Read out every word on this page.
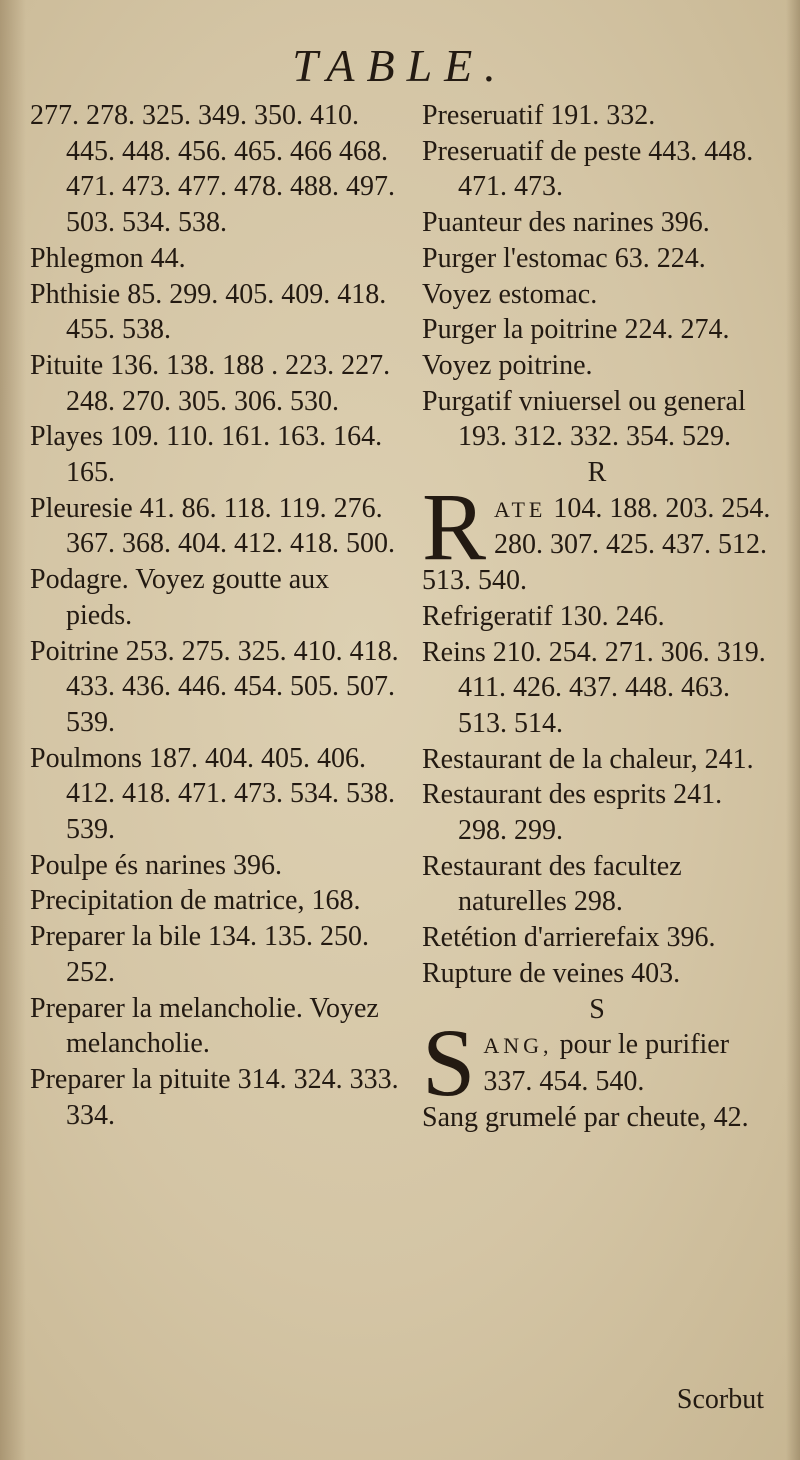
TABLE.
277. 278. 325. 349. 350. 410. 445. 448. 456. 465. 466 468. 471. 473. 477. 478. 488. 497. 503. 534. 538.
Phlegmon 44.
Phthisie 85. 299. 405. 409. 418. 455. 538.
Pituite 136. 138. 188 . 223. 227. 248. 270. 305. 306. 530.
Playes 109. 110. 161. 163. 164. 165.
Pleuresie 41. 86. 118. 119. 276. 367. 368. 404. 412. 418. 500.
Podagre. Voyez goutte aux pieds.
Poitrine 253. 275. 325. 410. 418. 433. 436. 446. 454. 505. 507. 539.
Poulmons 187. 404. 405. 406. 412. 418. 471. 473. 534. 538. 539.
Poulpe és narines 396.
Precipitation de matrice, 168.
Preparer la bile 134. 135. 250. 252.
Preparer la melancholie. Voyez melancholie.
Preparer la pituite 314. 324. 333. 334.
Preseruatif 191. 332.
Preseruatif de peste 443. 448. 471. 473.
Puanteur des narines 396.
Purger l'estomac 63. 224.
Voyez estomac.
Purger la poitrine 224. 274.
Voyez poitrine.
Purgatif vniuersel ou general 193. 312. 332. 354. 529.
R
R ATE 104. 188. 203. 254. 280. 307. 425. 437. 512. 513. 540.
Refrigeratif 130. 246.
Reins 210. 254. 271. 306. 319. 411. 426. 437. 448. 463. 513. 514.
Restaurant de la chaleur, 241.
Restaurant des esprits 241. 298. 299.
Restaurant des facultez naturelles 298.
Retétion d'arrierefaix 396.
Rupture de veines 403.
S
S ANG, pour le purifier 337. 454. 540.
Sang grumelé par cheute, 42.
Scorbut
